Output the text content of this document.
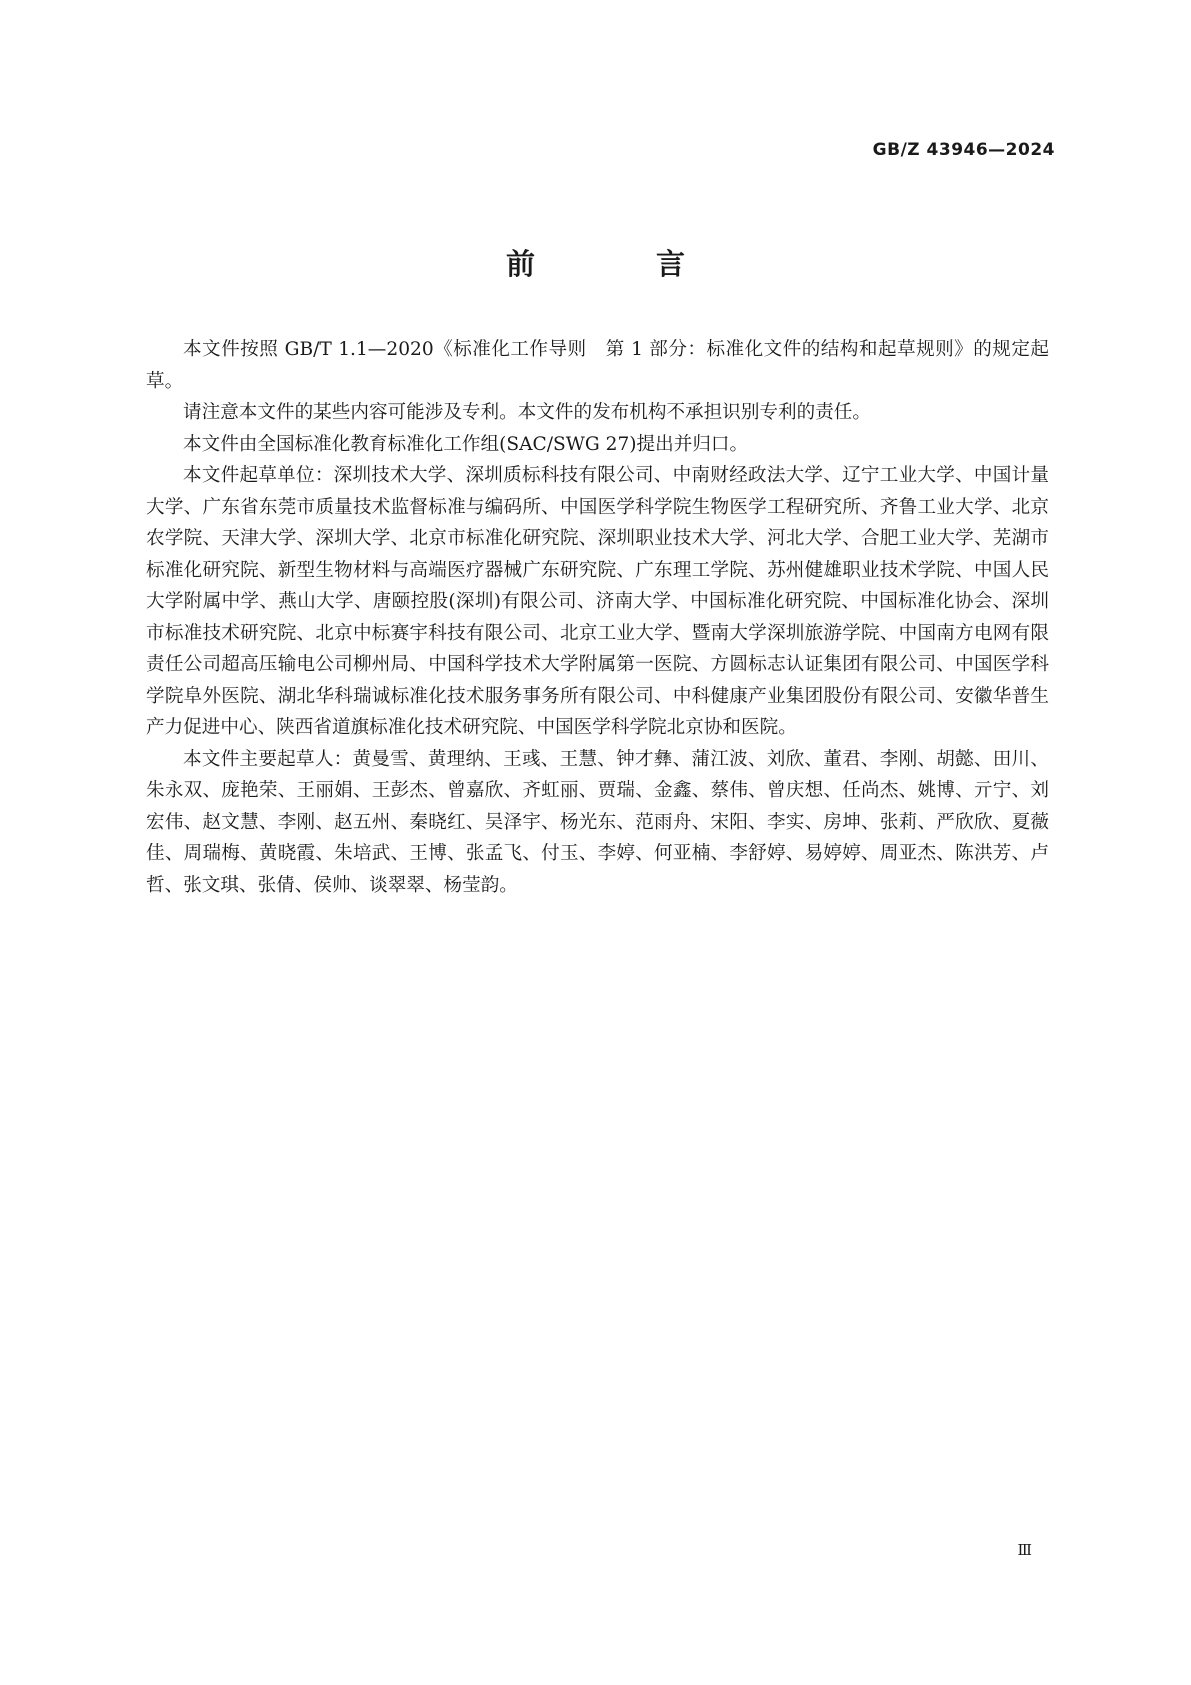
GB/Z 43946—2024
前　言

本文件按照 GB/T 1.1—2020《标准化工作导则　第 1 部分：标准化文件的结构和起草规则》的规定起草。

请注意本文件的某些内容可能涉及专利。本文件的发布机构不承担识别专利的责任。

本文件由全国标准化教育标准化工作组(SAC/SWG 27)提出并归口。

本文件起草单位：深圳技术大学、深圳质标科技有限公司、中南财经政法大学、辽宁工业大学、中国计量大学、广东省东莞市质量技术监督标准与编码所、中国医学科学院生物医学工程研究所、齐鲁工业大学、北京农学院、天津大学、深圳大学、北京市标准化研究院、深圳职业技术大学、河北大学、合肥工业大学、芜湖市标准化研究院、新型生物材料与高端医疗器械广东研究院、广东理工学院、苏州健雄职业技术学院、中国人民大学附属中学、燕山大学、唐颐控股(深圳)有限公司、济南大学、中国标准化研究院、中国标准化协会、深圳市标准技术研究院、北京中标赛宇科技有限公司、北京工业大学、暨南大学深圳旅游学院、中国南方电网有限责任公司超高压输电公司柳州局、中国科学技术大学附属第一医院、方圆标志认证集团有限公司、中国医学科学院阜外医院、湖北华科瑞诚标准化技术服务事务所有限公司、中科健康产业集团股份有限公司、安徽华普生产力促进中心、陕西省道旗标准化技术研究院、中国医学科学院北京协和医院。

本文件主要起草人：黄曼雪、黄理纳、王彧、王慧、钟才彝、蒲江波、刘欣、董君、李刚、胡懿、田川、朱永双、庞艳荣、王丽娟、王彭杰、曾嘉欣、齐虹丽、贾瑞、金鑫、蔡伟、曾庆想、任尚杰、姚博、亓宁、刘宏伟、赵文慧、李刚、赵五州、秦晓红、吴泽宇、杨光东、范雨舟、宋阳、李实、房坤、张莉、严欣欣、夏薇佳、周瑞梅、黄晓霞、朱培武、王博、张孟飞、付玉、李婷、何亚楠、李舒婷、易婷婷、周亚杰、陈洪芳、卢哲、张文琪、张倩、侯帅、谈翠翠、杨莹韵。

Ⅲ
